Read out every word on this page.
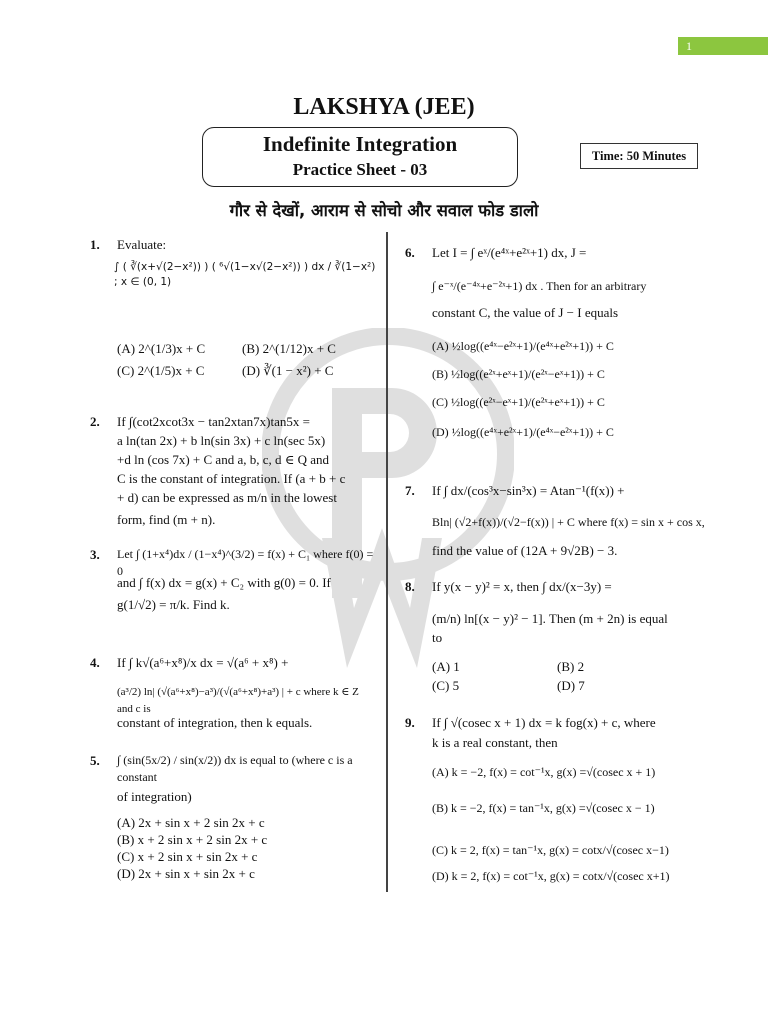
1
LAKSHYA (JEE)
Indefinite Integration
Practice Sheet - 03
Time: 50 Minutes
गौर से देखों, आराम से सोचो और सवाल फोड डालो
1. Evaluate:
∫ ( ∛(x+√(2−x²)) ) ( ⁶√(1−x√(2−x²)) ) dx / ∛(1−x²) ; x ∈ (0, 1)
(A) 2^(1/3)x + C	(B) 2^(1/12)x + C
(C) 2^(1/5)x + C	(D) ∛(1 − x²) + C
2. If ∫(cot2xcot3x − tan2xtan7x)tan5x =
a ln(tan 2x) + b ln(sin 3x) + c ln(sec 5x)
+d ln (cos 7x) + C and a, b, c, d ∈ Q and
C is the constant of integration. If (a + b + c
+ d) can be expressed as m/n in the lowest
form, find (m + n).
3. Let ∫ (1+x⁴)dx / (1−x⁴)^(3/2) = f(x) + C₁ where f(0) = 0
and ∫ f(x) dx = g(x) + C₂ with g(0) = 0. If
g(1/√2) = π/k. Find k.
4. If ∫ k√(a⁶+x⁸)/x dx = √(a⁶ + x⁸) +
(a³/2) ln| (√(a⁶+x⁸)−a³)/(√(a⁶+x⁸)+a³) | + c where k ∈ Z and c is
constant of integration, then k equals.
5. ∫ (sin(5x/2) / sin(x/2)) dx is equal to (where c is a constant
of integration)
(A) 2x + sin x + 2 sin 2x + c
(B) x + 2 sin x + 2 sin 2x + c
(C) x + 2 sin x + sin 2x + c
(D) 2x + sin x + sin 2x + c
6. Let I = ∫ eˣ/(e⁴ˣ+e²ˣ+1) dx, J =
∫ e⁻ˣ/(e⁻⁴ˣ+e⁻²ˣ+1) dx . Then for an arbitrary
constant C, the value of J − I equals
(A) ½log((e⁴ˣ−e²ˣ+1)/(e⁴ˣ+e²ˣ+1)) + C
(B) ½log((e²ˣ+eˣ+1)/(e²ˣ−eˣ+1)) + C
(C) ½log((e²ˣ−eˣ+1)/(e²ˣ+eˣ+1)) + C
(D) ½log((e⁴ˣ+e²ˣ+1)/(e⁴ˣ−e²ˣ+1)) + C
7. If ∫ dx/(cos³x−sin³x) = Atan⁻¹(f(x)) +
Bln| (√2+f(x))/(√2−f(x)) | + C where f(x) = sin x + cos x,
find the value of (12A + 9√2B) − 3.
8. If y(x − y)² = x, then ∫ dx/(x−3y) =
(m/n) ln[(x − y)² − 1]. Then (m + 2n) is equal
to
(A) 1	(B) 2
(C) 5	(D) 7
9. If ∫ √(cosec x + 1) dx = k fog(x) + c, where
k is a real constant, then
(A) k = −2, f(x) = cot⁻¹x, g(x) =√(cosec x + 1)
(B) k = −2, f(x) = tan⁻¹x, g(x) =√(cosec x − 1)
(C) k = 2, f(x) = tan⁻¹x, g(x) = cotx/√(cosec x−1)
(D) k = 2, f(x) = cot⁻¹x, g(x) = cotx/√(cosec x+1)
